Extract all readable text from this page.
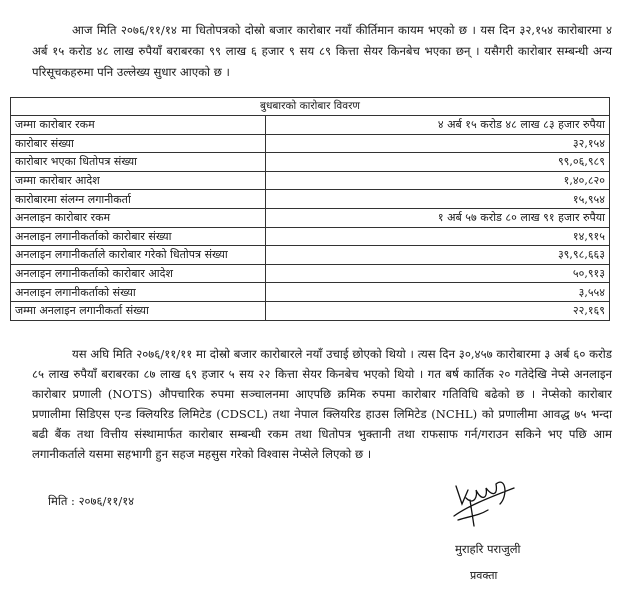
आज मिति २०७६/११/१४ मा धितोपत्रको दोस्रो बजार कारोबार नयाँ कीर्तिमान कायम भएको छ । यस दिन ३२,१५४ कारोबारमा ४ अर्ब १५ करोड ४८ लाख रुपैयाँ बराबरका ९९ लाख ६ हजार ९ सय ८९ कित्ता सेयर किनबेच भएका छन् । यसैगरी कारोबार सम्बन्धी अन्य परिसूचकहरुमा पनि उल्लेख्य सुधार आएको छ ।

बुधबारको कारोबार विवरण	
जम्मा कारोबार रकम	४ अर्ब १५ करोड ४८ लाख ८३ हजार रुपैया
कारोबार संख्या	३२,१५४
कारोबार भएका धितोपत्र संख्या	९९,०६,९८९
जम्मा कारोबार आदेश	१,४०,८२०
कारोबारमा संलग्न लगानीकर्ता	१५,९५४
अनलाइन कारोबार रकम	१ अर्ब ५७ करोड ८० लाख ९१ हजार रुपैया
अनलाइन लगानीकर्ताको कारोबार संख्या	१४,९१५
अनलाइन लगानीकर्ताले कारोबार गरेको धितोपत्र संख्या	३९,९८,६६३
अनलाइन लगानीकर्ताको कारोबार आदेश	५०,९१३
अनलाइन लगानीकर्ताको संख्या	३,५५४
जम्मा अनलाइन लगानीकर्ता संख्या	२२,१६९

यस अघि मिति २०७६/११/११ मा दोस्रो बजार कारोबारले नयाँ उचाई छोएको थियो । त्यस दिन ३०,४५७ कारोबारमा ३ अर्ब ६० करोड ८५ लाख रुपैयाँ बराबरका ८७ लाख ६९ हजार ५ सय २२ कित्ता सेयर किनबेच भएको थियो । गत बर्ष कार्तिक २० गतेदेखि नेप्से अनलाइन कारोबार प्रणाली (NOTS) औपचारिक रुपमा सञ्चालनमा आएपछि क्रमिक रुपमा कारोबार गतिविधि बढेको छ । नेप्सेको कारोबार प्रणालीमा सिडिएस एन्ड क्लियरिड लिमिटेड (CDSCL) तथा नेपाल क्लियरिड हाउस लिमिटेड (NCHL) को प्रणालीमा आवद्ध ७५ भन्दा बढी बैंक तथा वित्तीय संस्थामार्फत कारोबार सम्बन्धी रकम तथा धितोपत्र भुक्तानी तथा राफसाफ गर्न/गराउन सकिने भए पछि आम लगानीकर्ताले यसमा सहभागी हुन सहज महसुस गरेको विश्वास नेप्सेले लिएको छ ।

मिति : २०७६/११/१४
मुराहरि पराजुली
प्रवक्ता
